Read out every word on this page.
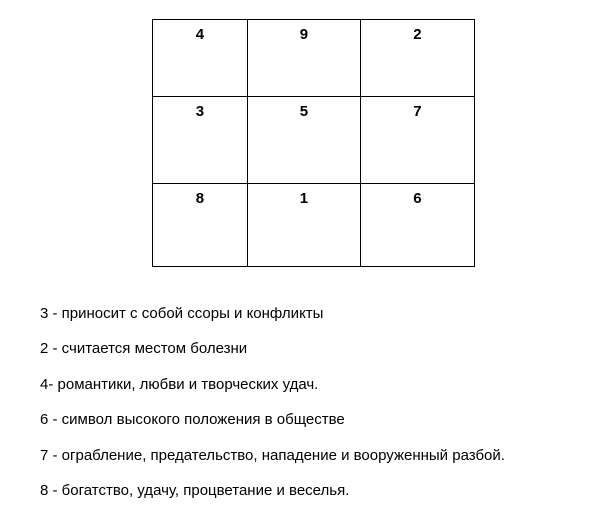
4	9	2

3	5	7

8	1	6
3 - приносит с собой ссоры и конфликты
2 - считается местом болезни
4- романтики, любви и творческих удач.
6 - символ высокого положения в обществе
7 - ограбление, предательство, нападение и вооруженный разбой.
8 - богатство, удачу, процветание и веселья.
